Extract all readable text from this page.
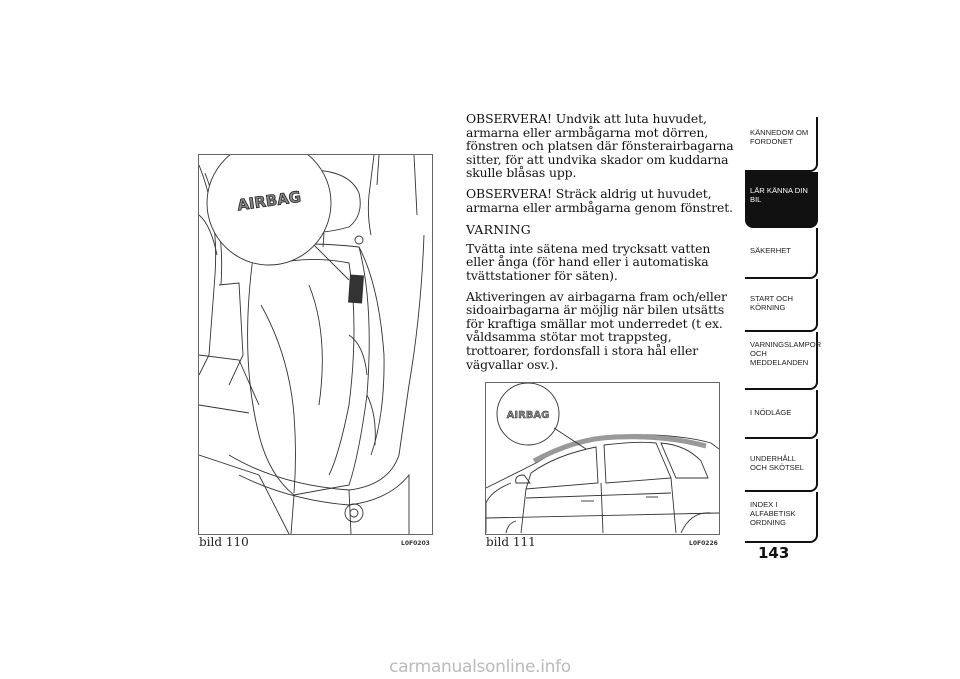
AIRBAG
bild 110	L0F0203
AIRBAG
bild 111	L0F0226

OBSERVERA! Undvik att luta huvudet, armarna eller armbågarna mot dörren, fönstren och platsen där fönsterairbagarna sitter, för att undvika skador om kuddarna skulle blåsas upp.

OBSERVERA! Sträck aldrig ut huvudet, armarna eller armbågarna genom fönstret.

VARNING

Tvätta inte sätena med trycksatt vatten eller ånga (för hand eller i automatiska tvättstationer för säten).

Aktiveringen av airbagarna fram och/eller sidoairbagarna är möjlig när bilen utsätts för kraftiga smällar mot underredet (t ex. våldsamma stötar mot trappsteg, trottoarer, fordonsfall i stora hål eller vägvallar osv.).

KÄNNEDOM OM FORDONET
LÄR KÄNNA DIN BIL
SÄKERHET
START OCH KÖRNING
VARNINGSLAMPOR OCH MEDDELANDEN
I NÖDLÄGE
UNDERHÅLL OCH SKÖTSEL
INDEX I ALFABETISK ORDNING
143
carmanualsonline.info
